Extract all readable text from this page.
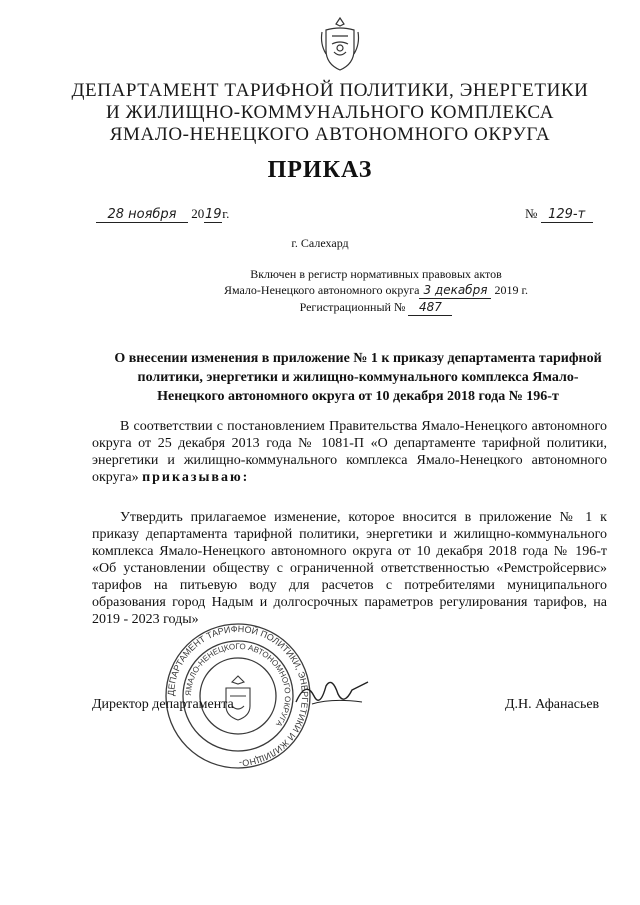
ДЕПАРТАМЕНТ ТАРИФНОЙ ПОЛИТИКИ, ЭНЕРГЕТИКИ
И ЖИЛИЩНО-КОММУНАЛЬНОГО КОМПЛЕКСА
ЯМАЛО-НЕНЕЦКОГО АВТОНОМНОГО ОКРУГА
ПРИКАЗ
28 ноября 2019г.	№ 129-т
г. Салехард
Включен в регистр нормативных правовых актов
Ямало-Ненецкого автономного округа 3 декабря 2019 г.
Регистрационный № 487
О внесении изменения в приложение № 1 к приказу департамента тарифной политики, энергетики и жилищно-коммунального комплекса Ямало-Ненецкого автономного округа от 10 декабря 2018 года № 196-т
В соответствии с постановлением Правительства Ямало-Ненецкого автономного округа от 25 декабря 2013 года № 1081-П «О департаменте тарифной политики, энергетики и жилищно-коммунального комплекса Ямало-Ненецкого автономного округа» приказываю:
Утвердить прилагаемое изменение, которое вносится в приложение № 1 к приказу департамента тарифной политики, энергетики и жилищно-коммунального комплекса Ямало-Ненецкого автономного округа от 10 декабря 2018 года № 196-т «Об установлении обществу с ограниченной ответственностью «Ремстройсервис» тарифов на питьевую воду для расчетов с потребителями муниципального образования город Надым и долгосрочных параметров регулирования тарифов, на 2019 - 2023 годы»
ДЕПАРТАМЕНТ ТАРИФНОЙ ПОЛИТИКИ, ЭНЕРГЕТИКИ И ЖИЛИЩНО-
ЯМАЛО-НЕНЕЦКОГО АВТОНОМНОГО ОКРУГА
Директор департамента	Д.Н. Афанасьев
